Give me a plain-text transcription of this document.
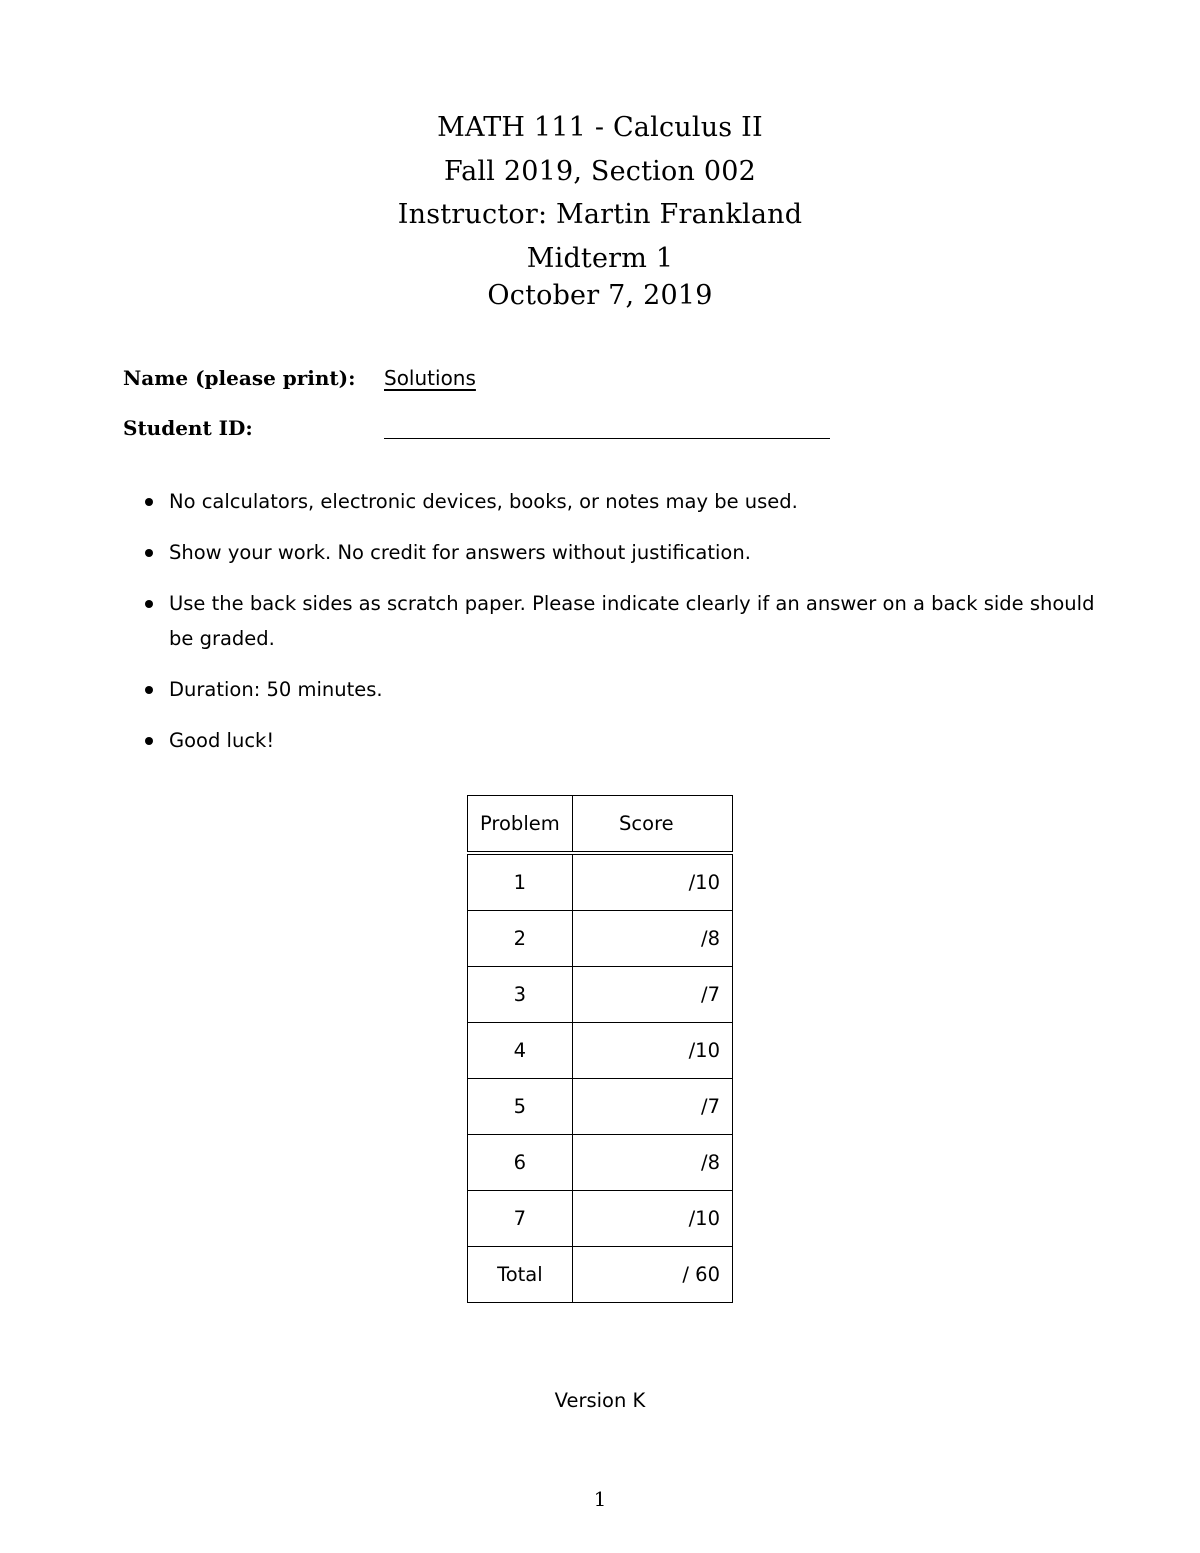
MATH 111 - Calculus II
Fall 2019, Section 002
Instructor: Martin Frankland
Midterm 1
October 7, 2019
Name (please print): Solutions
Student ID:
No calculators, electronic devices, books, or notes may be used.
Show your work. No credit for answers without justification.
Use the back sides as scratch paper. Please indicate clearly if an answer on a back side should be graded.
Duration: 50 minutes.
Good luck!
Problem	Score
1	/10
2	/8
3	/7
4	/10
5	/7
6	/8
7	/10
Total	/ 60
Version K
1
